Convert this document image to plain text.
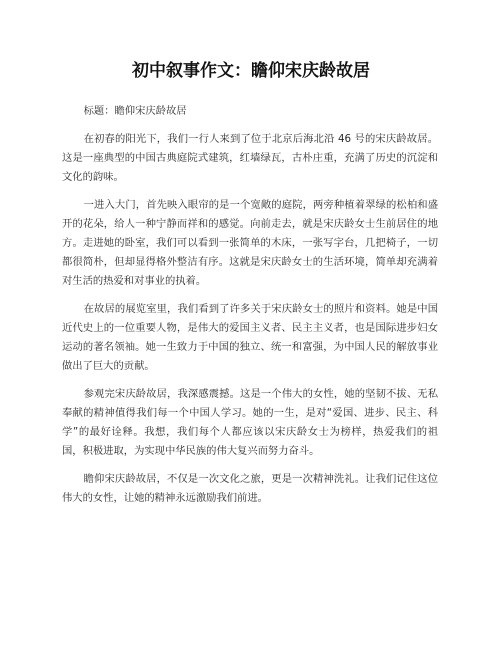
初中叙事作文：瞻仰宋庆龄故居

标题：瞻仰宋庆龄故居

在初春的阳光下，我们一行人来到了位于北京后海北沿 46 号的宋庆龄故居。这是一座典型的中国古典庭院式建筑，红墙绿瓦，古朴庄重，充满了历史的沉淀和文化的韵味。

一进入大门，首先映入眼帘的是一个宽敞的庭院，两旁种植着翠绿的松柏和盛开的花朵，给人一种宁静而祥和的感觉。向前走去，就是宋庆龄女士生前居住的地方。走进她的卧室，我们可以看到一张简单的木床，一张写字台，几把椅子，一切都很简朴，但却显得格外整洁有序。这就是宋庆龄女士的生活环境，简单却充满着对生活的热爱和对事业的执着。

在故居的展览室里，我们看到了许多关于宋庆龄女士的照片和资料。她是中国近代史上的一位重要人物，是伟大的爱国主义者、民主主义者，也是国际进步妇女运动的著名领袖。她一生致力于中国的独立、统一和富强，为中国人民的解放事业做出了巨大的贡献。

参观完宋庆龄故居，我深感震撼。这是一个伟大的女性，她的坚韧不拔、无私奉献的精神值得我们每一个中国人学习。她的一生，是对“爱国、进步、民主、科学”的最好诠释。我想，我们每个人都应该以宋庆龄女士为榜样，热爱我们的祖国，积极进取，为实现中华民族的伟大复兴而努力奋斗。

瞻仰宋庆龄故居，不仅是一次文化之旅，更是一次精神洗礼。让我们记住这位伟大的女性，让她的精神永远激励我们前进。
